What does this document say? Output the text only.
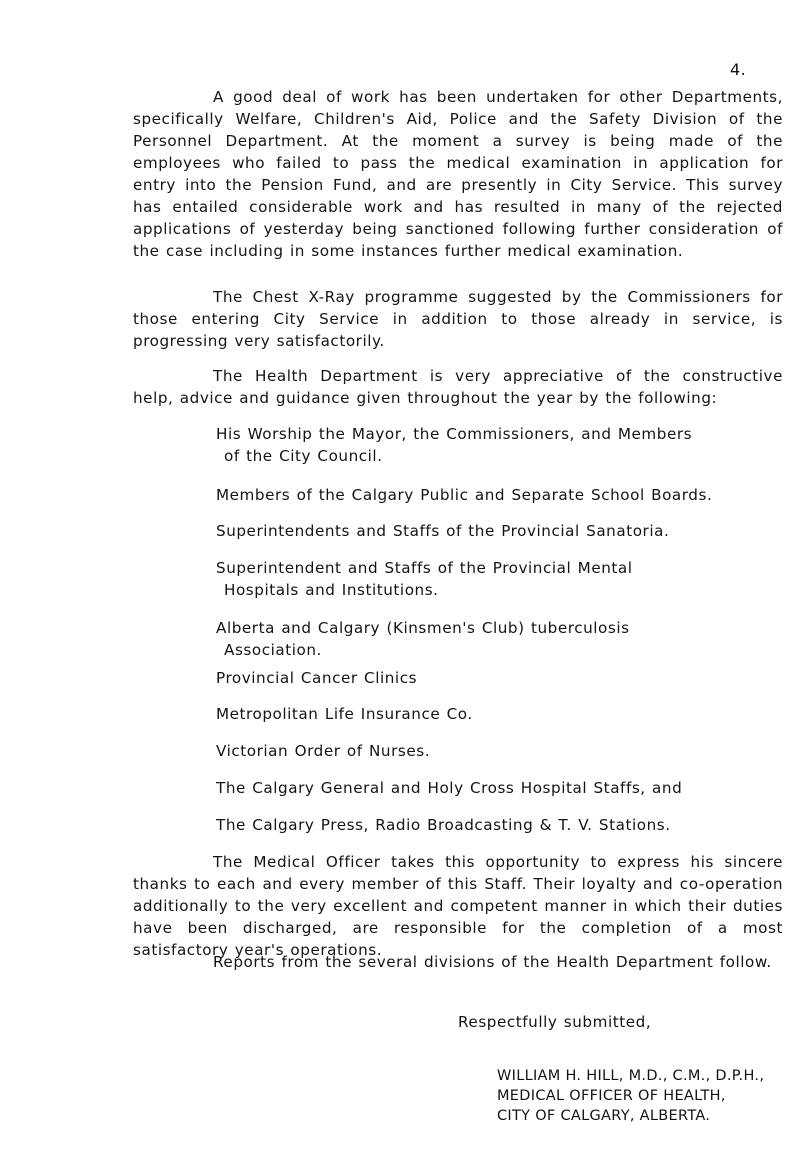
4.

A good deal of work has been undertaken for other Departments, specifically Welfare, Children's Aid, Police and the Safety Division of the Personnel Department. At the moment a survey is being made of the employees who failed to pass the medical examination in application for entry into the Pension Fund, and are presently in City Service. This survey has entailed considerable work and has resulted in many of the rejected applications of yesterday being sanctioned following further consideration of the case including in some instances further medical examination.

The Chest X-Ray programme suggested by the Commissioners for those entering City Service in addition to those already in service, is progressing very satisfactorily.

The Health Department is very appreciative of the constructive help, advice and guidance given throughout the year by the following:

His Worship the Mayor, the Commissioners, and Members
of the City Council.
Members of the Calgary Public and Separate School Boards.
Superintendents and Staffs of the Provincial Sanatoria.
Superintendent and Staffs of the Provincial Mental
Hospitals and Institutions.
Alberta and Calgary (Kinsmen's Club) tuberculosis
Association.
Provincial Cancer Clinics
Metropolitan Life Insurance Co.
Victorian Order of Nurses.
The Calgary General and Holy Cross Hospital Staffs, and
The Calgary Press, Radio Broadcasting & T. V. Stations.

The Medical Officer takes this opportunity to express his sincere thanks to each and every member of this Staff. Their loyalty and co-operation additionally to the very excellent and competent manner in which their duties have been discharged, are responsible for the completion of a most satisfactory year's operations.

Reports from the several divisions of the Health Department follow.

Respectfully submitted,
WILLIAM H. HILL, M.D., C.M., D.P.H.,
MEDICAL OFFICER OF HEALTH,
CITY OF CALGARY, ALBERTA.
